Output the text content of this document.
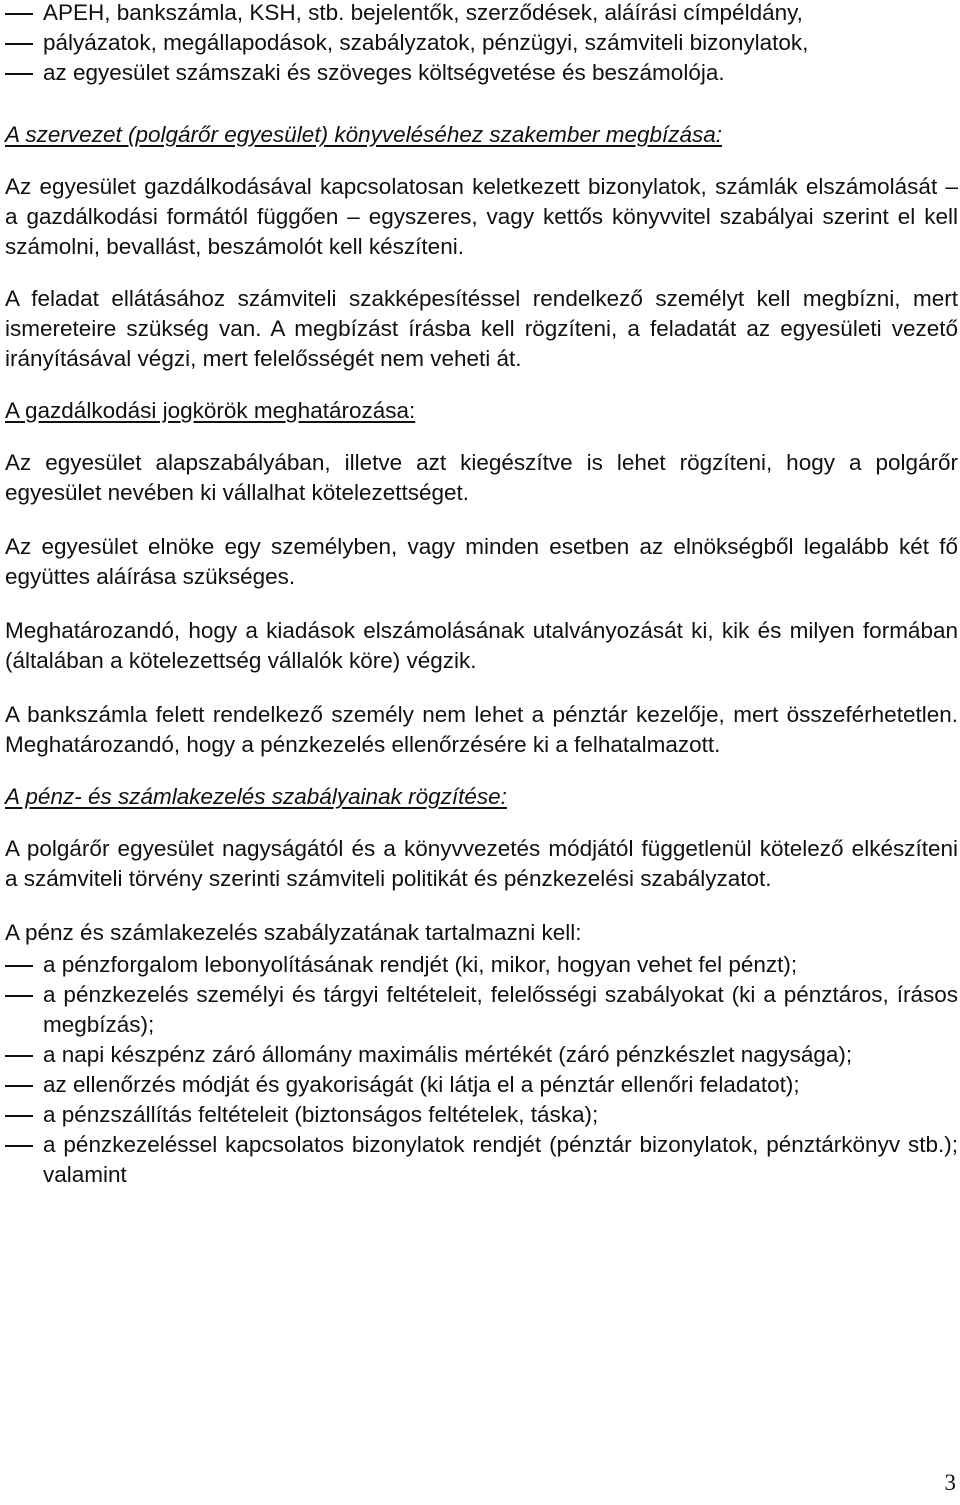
APEH, bankszámla, KSH, stb. bejelentők, szerződések, aláírási címpéldány,
pályázatok, megállapodások, szabályzatok, pénzügyi, számviteli bizonylatok,
az egyesület számszaki és szöveges költségvetése és beszámolója.

A szervezet (polgárőr egyesület) könyveléséhez szakember megbízása:

Az egyesület gazdálkodásával kapcsolatosan keletkezett bizonylatok, számlák elszámolását – a gazdálkodási formától függően – egyszeres, vagy kettős könyvvitel szabályai szerint el kell számolni, bevallást, beszámolót kell készíteni.

A feladat ellátásához számviteli szakképesítéssel rendelkező személyt kell megbízni, mert ismereteire szükség van. A megbízást írásba kell rögzíteni, a feladatát az egyesületi vezető irányításával végzi, mert felelősségét nem veheti át.

A gazdálkodási jogkörök meghatározása:

Az egyesület alapszabályában, illetve azt kiegészítve is lehet rögzíteni, hogy a polgárőr egyesület nevében ki vállalhat kötelezettséget.

Az egyesület elnöke egy személyben, vagy minden esetben az elnökségből legalább két fő együttes aláírása szükséges.

Meghatározandó, hogy a kiadások elszámolásának utalványozását ki, kik és milyen formában (általában a kötelezettség vállalók köre) végzik.

A bankszámla felett rendelkező személy nem lehet a pénztár kezelője, mert összeférhetetlen. Meghatározandó, hogy a pénzkezelés ellenőrzésére ki a felhatalmazott.

A pénz- és számlakezelés szabályainak rögzítése:

A polgárőr egyesület nagyságától és a könyvvezetés módjától függetlenül kötelező elkészíteni a számviteli törvény szerinti számviteli politikát és pénzkezelési szabályzatot.

A pénz és számlakezelés szabályzatának tartalmazni kell:

a pénzforgalom lebonyolításának rendjét (ki, mikor, hogyan vehet fel pénzt);
a pénzkezelés személyi és tárgyi feltételeit, felelősségi szabályokat (ki a pénztáros, írásos megbízás);
a napi készpénz záró állomány maximális mértékét (záró pénzkészlet nagysága);
az ellenőrzés módját és gyakoriságát (ki látja el a pénztár ellenőri feladatot);
a pénzszállítás feltételeit (biztonságos feltételek, táska);
a pénzkezeléssel kapcsolatos bizonylatok rendjét (pénztár bizonylatok, pénztárkönyv stb.); valamint
3
